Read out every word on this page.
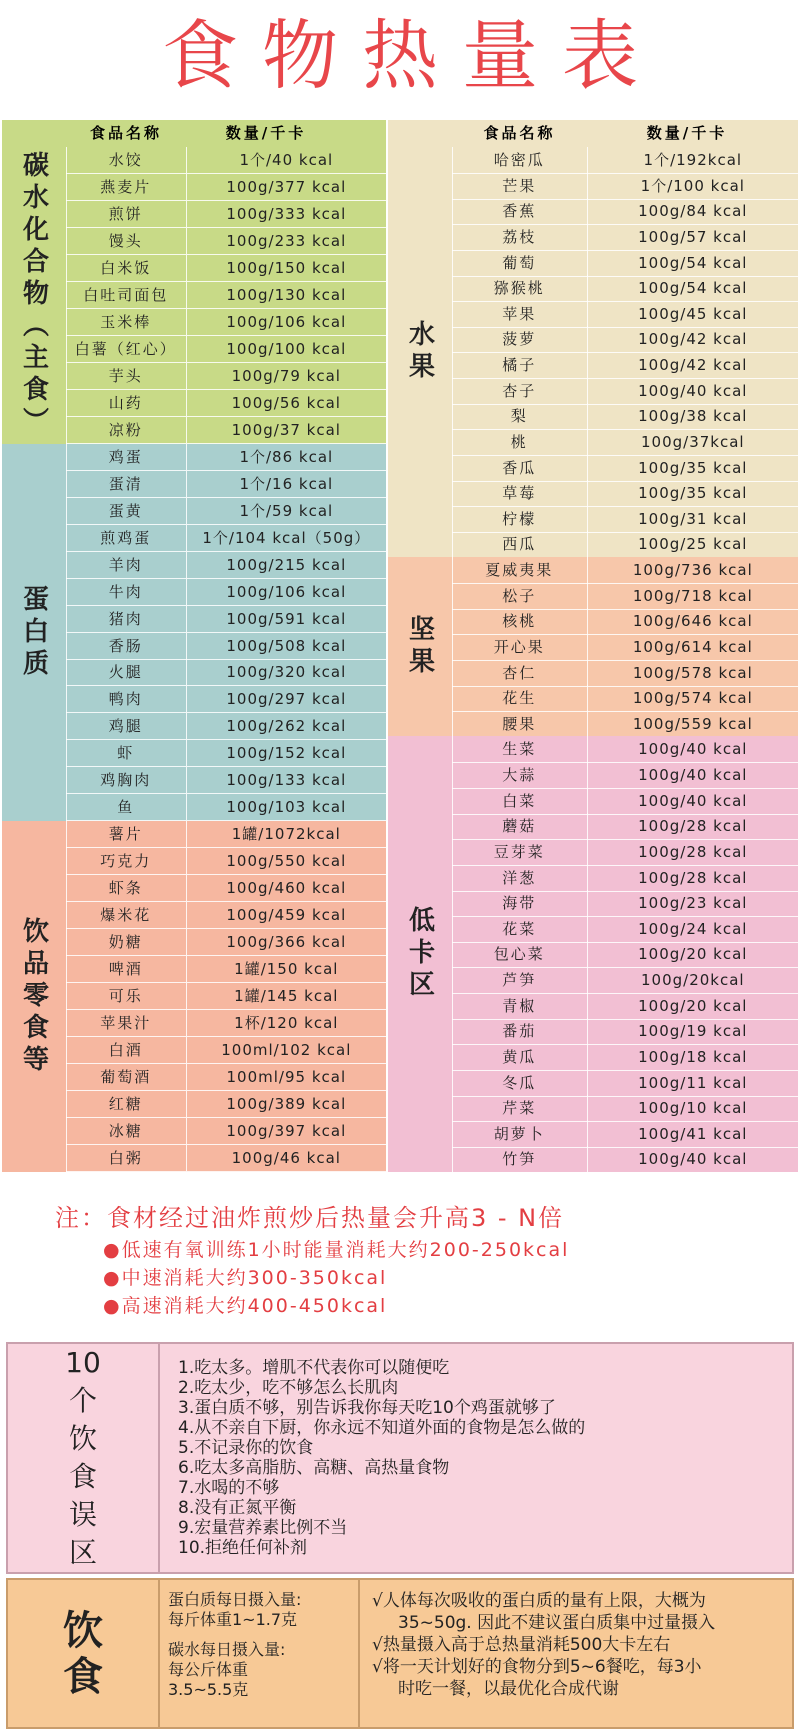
食物热量表
食品名称	数量/千卡
碳水化合物（主食）	水饺	1个/40 kcal
燕麦片	100g/377 kcal
煎饼	100g/333 kcal
馒头	100g/233 kcal
白米饭	100g/150 kcal
白吐司面包	100g/130 kcal
玉米棒	100g/106 kcal
白薯（红心）	100g/100 kcal
芋头	100g/79 kcal
山药	100g/56 kcal
凉粉	100g/37 kcal
蛋白质
鸡蛋	1个/86 kcal
蛋清	1个/16 kcal
蛋黄	1个/59 kcal
煎鸡蛋	1个/104 kcal（50g）
羊肉	100g/215 kcal
牛肉	100g/106 kcal
猪肉	100g/591 kcal
香肠	100g/508 kcal
火腿	100g/320 kcal
鸭肉	100g/297 kcal
鸡腿	100g/262 kcal
虾	100g/152 kcal
鸡胸肉	100g/133 kcal
鱼	100g/103 kcal
饮品零食等
薯片	1罐/1072kcal
巧克力	100g/550 kcal
虾条	100g/460 kcal
爆米花	100g/459 kcal
奶糖	100g/366 kcal
啤酒	1罐/150 kcal
可乐	1罐/145 kcal
苹果汁	1杯/120 kcal
白酒	100ml/102 kcal
葡萄酒	100ml/95 kcal
红糖	100g/389 kcal
冰糖	100g/397 kcal
白粥	100g/46 kcal
食品名称	数量/千卡
水果
哈密瓜	1个/192kcal
芒果	1个/100 kcal
香蕉	100g/84 kcal
荔枝	100g/57 kcal
葡萄	100g/54 kcal
猕猴桃	100g/54 kcal
苹果	100g/45 kcal
菠萝	100g/42 kcal
橘子	100g/42 kcal
杏子	100g/40 kcal
梨	100g/38 kcal
桃	100g/37kcal
香瓜	100g/35 kcal
草莓	100g/35 kcal
柠檬	100g/31 kcal
西瓜	100g/25 kcal
坚果
夏威夷果	100g/736 kcal
松子	100g/718 kcal
核桃	100g/646 kcal
开心果	100g/614 kcal
杏仁	100g/578 kcal
花生	100g/574 kcal
腰果	100g/559 kcal
低卡区
生菜	100g/40 kcal
大蒜	100g/40 kcal
白菜	100g/40 kcal
蘑菇	100g/28 kcal
豆芽菜	100g/28 kcal
洋葱	100g/28 kcal
海带	100g/23 kcal
花菜	100g/24 kcal
包心菜	100g/20 kcal
芦笋	100g/20kcal
青椒	100g/20 kcal
番茄	100g/19 kcal
黄瓜	100g/18 kcal
冬瓜	100g/11 kcal
芹菜	100g/10 kcal
胡萝卜	100g/41 kcal
竹笋	100g/40 kcal
注：食材经过油炸煎炒后热量会升高3 - N倍
●低速有氧训练1小时能量消耗大约200-250kcal
●中速消耗大约300-350kcal
●高速消耗大约400-450kcal
10
个
饮
食
误
区
1.吃太多。增肌不代表你可以随便吃
2.吃太少，吃不够怎么长肌肉
3.蛋白质不够，别告诉我你每天吃10个鸡蛋就够了
4.从不亲自下厨，你永远不知道外面的食物是怎么做的
5.不记录你的饮食
6.吃太多高脂肪、高糖、高热量食物
7.水喝的不够
8.没有正氮平衡
9.宏量营养素比例不当
10.拒绝任何补剂
饮
食
蛋白质每日摄入量:
每斤体重1~1.7克
碳水每日摄入量:
每公斤体重
3.5~5.5克
√人体每次吸收的蛋白质的量有上限，大概为
35~50g. 因此不建议蛋白质集中过量摄入
√热量摄入高于总热量消耗500大卡左右
√将一天计划好的食物分到5~6餐吃，每3小
时吃一餐，以最优化合成代谢
